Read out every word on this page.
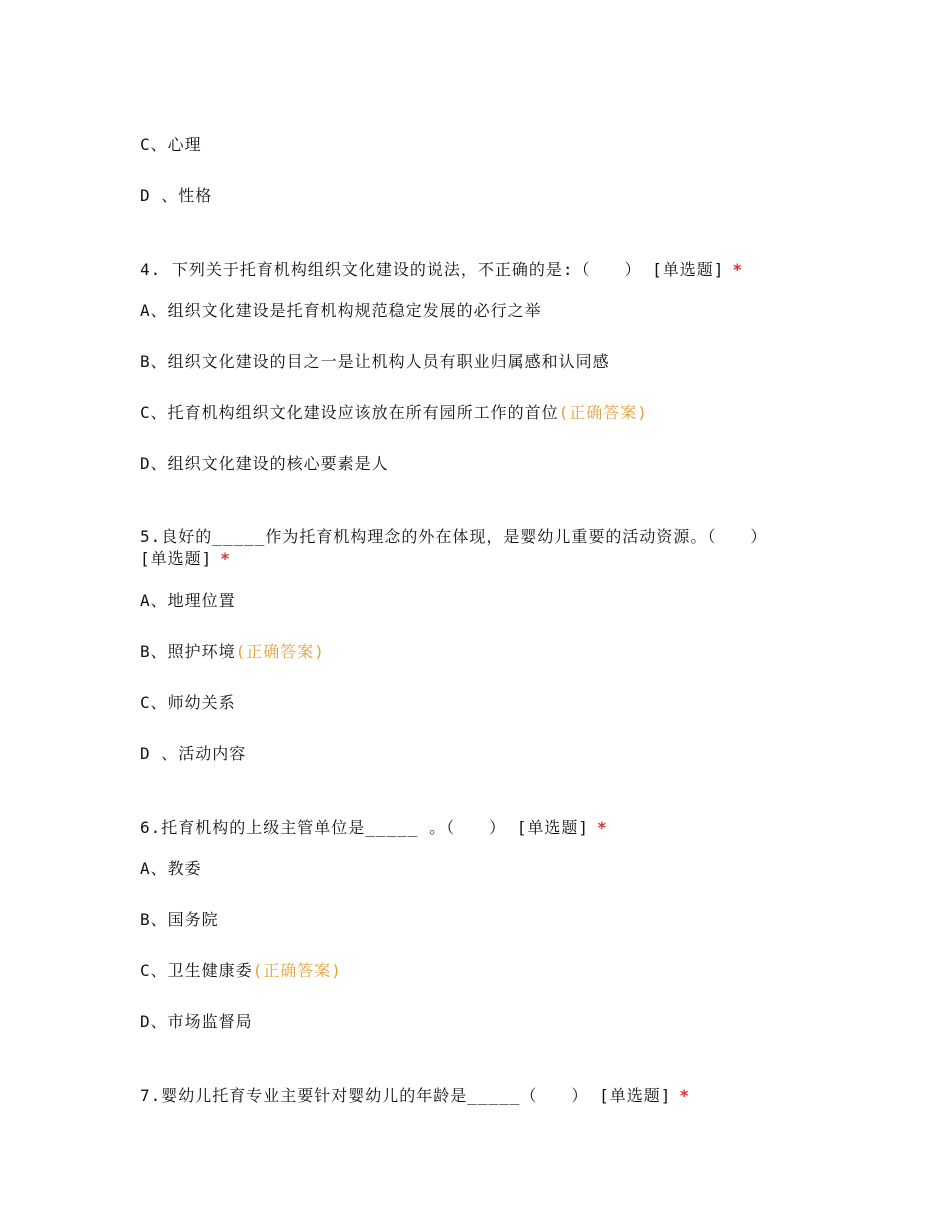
C、心理
D 、性格
4. 下列关于托育机构组织文化建设的说法，不正确的是:（　　） [单选题] *
A、组织文化建设是托育机构规范稳定发展的必行之举
B、组织文化建设的目之一是让机构人员有职业归属感和认同感
C、托育机构组织文化建设应该放在所有园所工作的首位(正确答案)
D、组织文化建设的核心要素是人
5.良好的_____作为托育机构理念的外在体现，是婴幼儿重要的活动资源。（　　）
[单选题] *
A、地理位置
B、照护环境(正确答案)
C、师幼关系
D 、活动内容
6.托育机构的上级主管单位是_____ 。（　　） [单选题] *
A、教委
B、国务院
C、卫生健康委(正确答案)
D、市场监督局
7.婴幼儿托育专业主要针对婴幼儿的年龄是_____（　　） [单选题] *
